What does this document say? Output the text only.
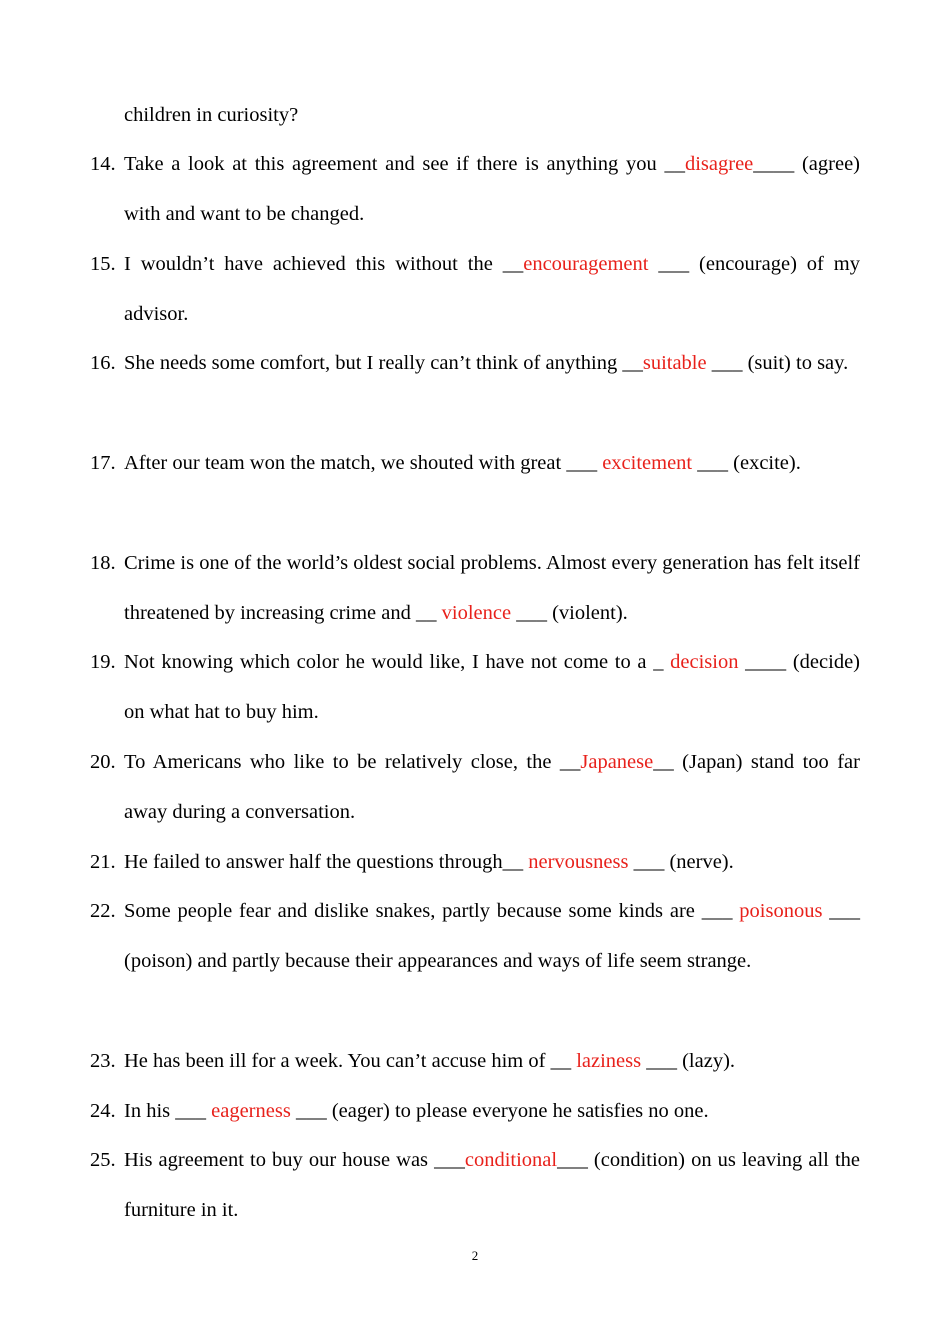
children in curiosity?
14. Take a look at this agreement and see if there is anything you __disagree____ (agree) with and want to be changed.
15. I wouldn’t have achieved this without the __encouragement ___ (encourage) of my advisor.
16. She needs some comfort, but I really can’t think of anything __suitable ___ (suit) to say.
17. After our team won the match, we shouted with great ___ excitement ___ (excite).
18. Crime is one of the world’s oldest social problems. Almost every generation has felt itself threatened by increasing crime and __ violence ___ (violent).
19. Not knowing which color he would like, I have not come to a _ decision ____ (decide) on what hat to buy him.
20. To Americans who like to be relatively close, the __Japanese__ (Japan) stand too far away during a conversation.
21. He failed to answer half the questions through__ nervousness ___ (nerve).
22. Some people fear and dislike snakes, partly because some kinds are ___ poisonous ___ (poison) and partly because their appearances and ways of life seem strange.
23. He has been ill for a week. You can’t accuse him of __ laziness ___ (lazy).
24. In his ___ eagerness ___ (eager) to please everyone he satisfies no one.
25. His agreement to buy our house was ___conditional___ (condition) on us leaving all the furniture in it.
2
